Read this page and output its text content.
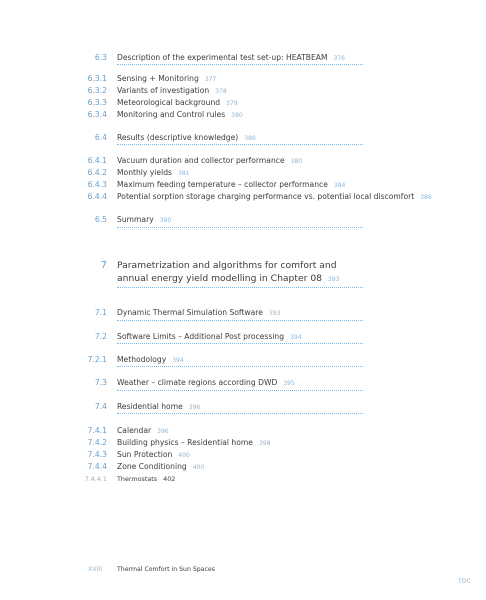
6.3 Description of the experimental test set-up: HEATBEAM 376
6.3.1 Sensing + Monitoring 377
6.3.2 Variants of investigation 378
6.3.3 Meteorological background 379
6.3.4 Monitoring and Control rules 380
6.4 Results (descriptive knowledge) 380
6.4.1 Vacuum duration and collector performance 380
6.4.2 Monthly yields 381
6.4.3 Maximum feeding temperature – collector performance 384
6.4.4 Potential sorption storage charging performance vs. potential local discomfort 386
6.5 Summary 390
7 Parametrization and algorithms for comfort and annual energy yield modelling in Chapter 08 393
7.1 Dynamic Thermal Simulation Software 393
7.2 Software Limits – Additional Post processing 394
7.2.1 Methodology 394
7.3 Weather – climate regions according DWD 395
7.4 Residential home 396
7.4.1 Calendar 396
7.4.2 Building physics – Residential home 398
7.4.3 Sun Protection 400
7.4.4 Zone Conditioning 400
7.4.4.1 Thermostats 402
XVIII Thermal Comfort in Sun Spaces
TOC
